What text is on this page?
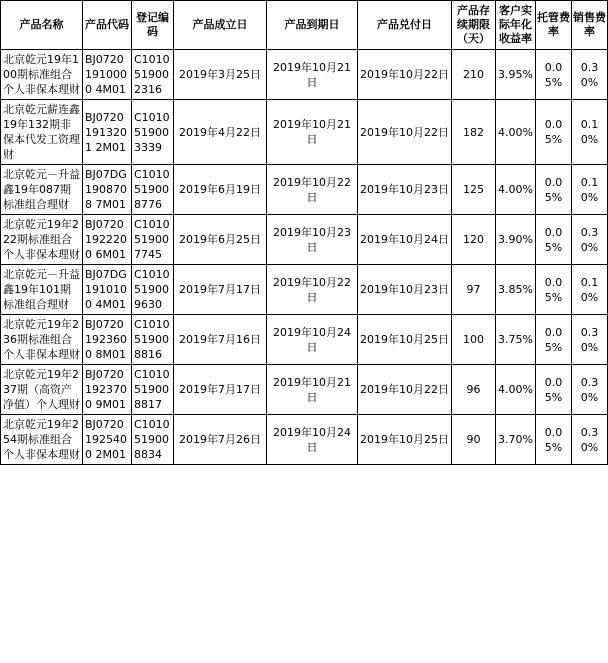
产品名称	产品代码	登记编码	产品成立日	产品到期日	产品兑付日	产品存续期限（天）	客户实际年化收益率	托管费率	销售费率
北京乾元19年100期标准组合个人非保本理财	BJ07201910000 4M01	C1010519002316	2019年3月25日	2019年10月21日	2019年10月22日	210	3.95%	0.05%	0.30%
北京乾元薪连鑫19年132期非保本代发工资理财	BJ07201913201 2M01	C1010519003339	2019年4月22日	2019年10月21日	2019年10月22日	182	4.00%	0.05%	0.10%
北京乾元－升益鑫19年087期标准组合理财	BJ07DG1908708 7M01	C1010519008776	2019年6月19日	2019年10月22日	2019年10月23日	125	4.00%	0.05%	0.10%
北京乾元19年222期标准组合个人非保本理财	BJ07201922200 6M01	C1010519007745	2019年6月25日	2019年10月23日	2019年10月24日	120	3.90%	0.05%	0.30%
北京乾元－升益鑫19年101期标准组合理财	BJ07DG1910100 4M01	C1010519009630	2019年7月17日	2019年10月22日	2019年10月23日	97	3.85%	0.05%	0.10%
北京乾元19年236期标准组合个人非保本理财	BJ07201923600 8M01	C1010519008816	2019年7月16日	2019年10月24日	2019年10月25日	100	3.75%	0.05%	0.30%
北京乾元19年237期（高资产净值）个人理财	BJ07201923700 9M01	C1010519008817	2019年7月17日	2019年10月21日	2019年10月22日	96	4.00%	0.05%	0.30%
北京乾元19年254期标准组合个人非保本理财	BJ07201925400 2M01	C1010519008834	2019年7月26日	2019年10月24日	2019年10月25日	90	3.70%	0.05%	0.30%
